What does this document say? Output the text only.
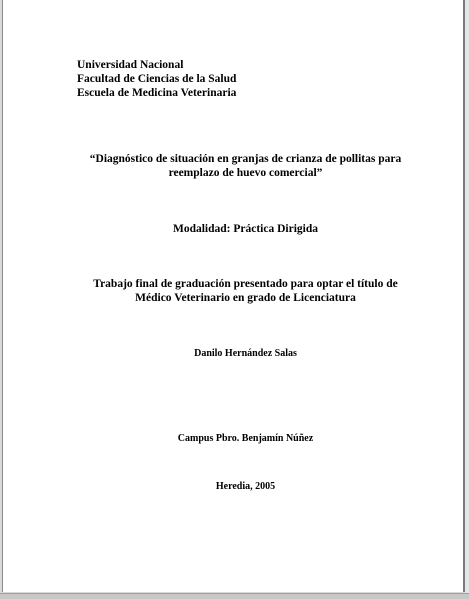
Universidad Nacional
Facultad de Ciencias de la Salud
Escuela de Medicina Veterinaria
“Diagnóstico de situación en granjas de crianza de pollitas para
reemplazo de huevo comercial”
Modalidad: Práctica Dirigida
Trabajo final de graduación presentado para optar el título de
Médico Veterinario en grado de Licenciatura
Danilo Hernández Salas
Campus Pbro. Benjamín Núñez
Heredia, 2005
